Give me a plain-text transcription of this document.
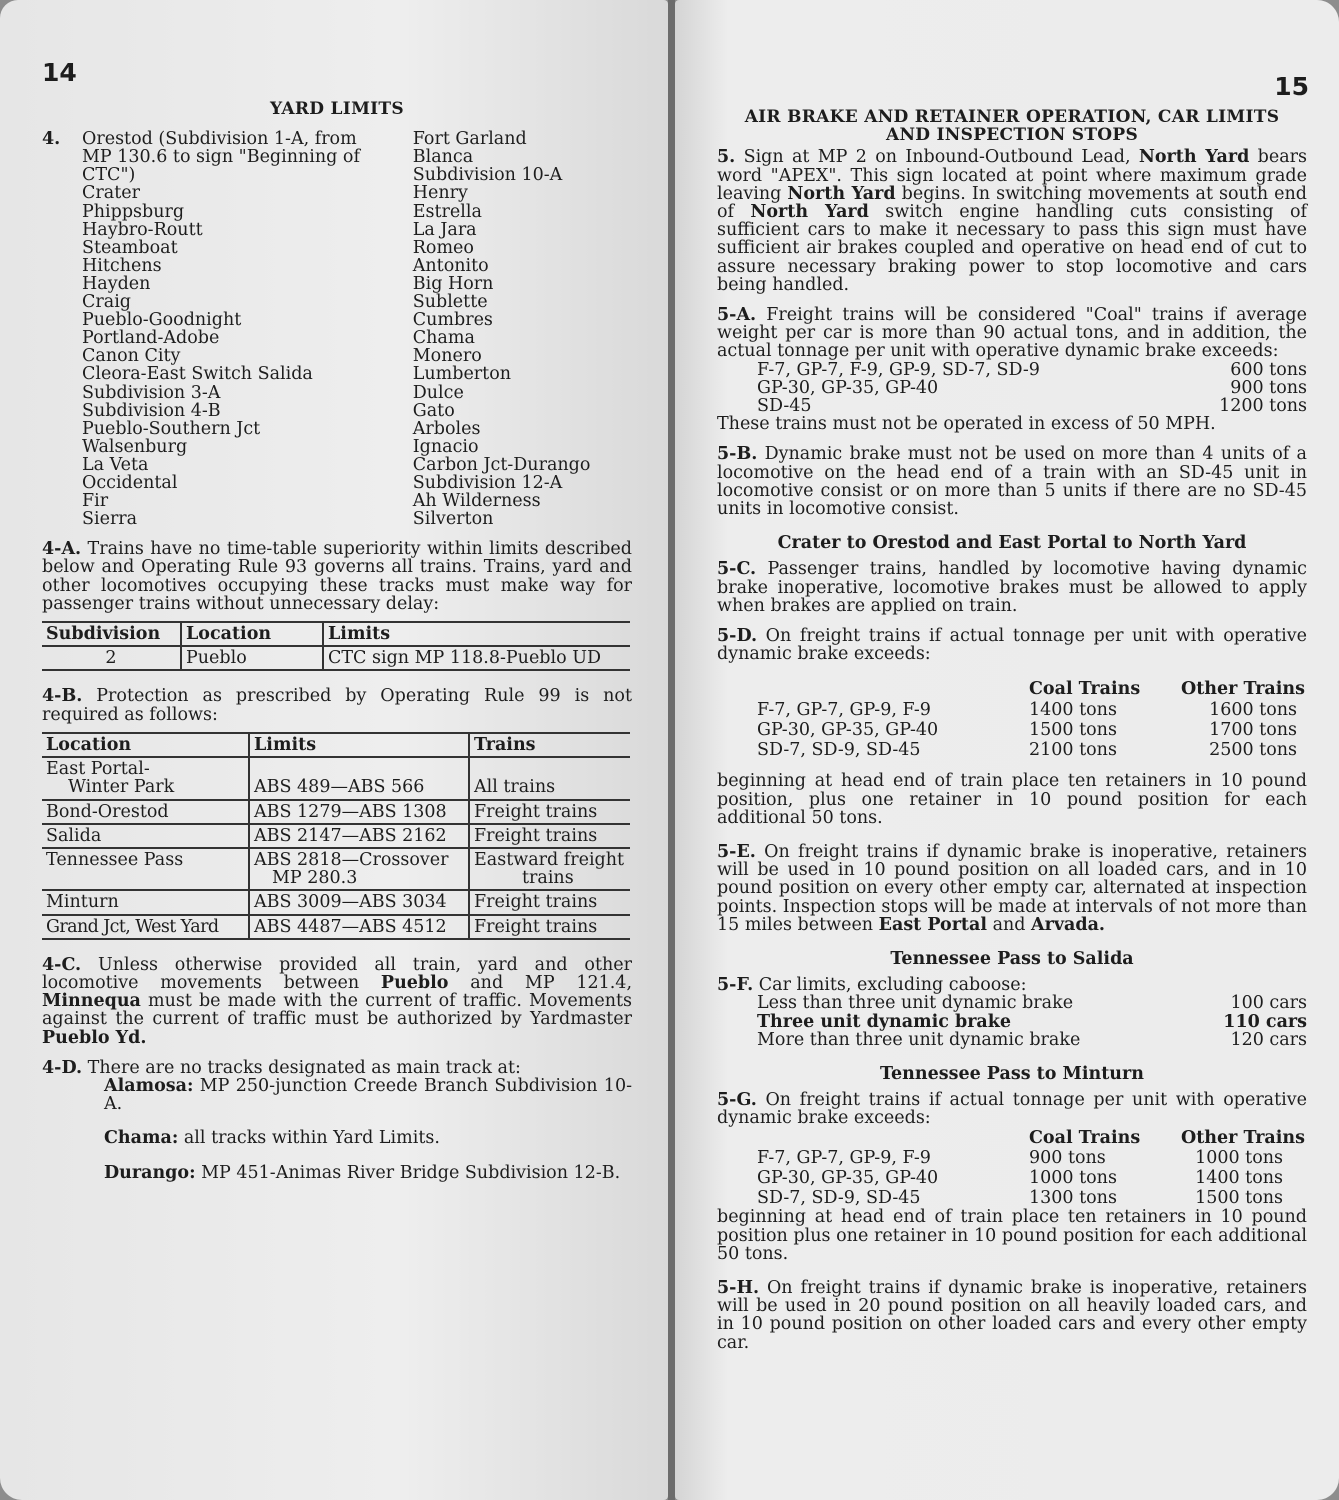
14
YARD LIMITS
4. Orestod (Subdivision 1-A, from
MP 130.6 to sign "Beginning of
CTC")
Crater
Phippsburg
Haybro-Routt
Steamboat
Hitchens
Hayden
Craig
Pueblo-Goodnight
Portland-Adobe
Canon City
Cleora-East Switch Salida
Subdivision 3-A
Subdivision 4-B
Pueblo-Southern Jct
Walsenburg
La Veta
Occidental
Fir
Sierra
Fort Garland
Blanca
Subdivision 10-A
Henry
Estrella
La Jara
Romeo
Antonito
Big Horn
Sublette
Cumbres
Chama
Monero
Lumberton
Dulce
Gato
Arboles
Ignacio
Carbon Jct-Durango
Subdivision 12-A
Ah Wilderness
Silverton

4-A. Trains have no time-table superiority within limits described below and Operating Rule 93 governs all trains. Trains, yard and other locomotives occupying these tracks must make way for passenger trains without unnecessary delay:

Subdivision	Location	Limits
2	Pueblo	CTC sign MP 118.8-Pueblo UD

4-B. Protection as prescribed by Operating Rule 99 is not required as follows:

Location	Limits	Trains
East Portal-
Winter Park	ABS 489—ABS 566	All trains
Bond-Orestod	ABS 1279—ABS 1308	Freight trains
Salida	ABS 2147—ABS 2162	Freight trains
Tennessee Pass	ABS 2818—Crossover
MP 280.3	Eastward freight
trains
Minturn	ABS 3009—ABS 3034	Freight trains
Grand Jct, West Yard	ABS 4487—ABS 4512	Freight trains

4-C. Unless otherwise provided all train, yard and other locomotive movements between Pueblo and MP 121.4, Minnequa must be made with the current of traffic. Movements against the current of traffic must be authorized by Yardmaster Pueblo Yd.

4-D. There are no tracks designated as main track at:

Alamosa: MP 250-junction Creede Branch Subdivision 10-A.

Chama: all tracks within Yard Limits.

Durango: MP 451-Animas River Bridge Subdivision 12-B.

15
AIR BRAKE AND RETAINER OPERATION, CAR LIMITS
AND INSPECTION STOPS

5. Sign at MP 2 on Inbound-Outbound Lead, North Yard bears word "APEX". This sign located at point where maximum grade leaving North Yard begins. In switching movements at south end of North Yard switch engine handling cuts consisting of sufficient cars to make it necessary to pass this sign must have sufficient air brakes coupled and operative on head end of cut to assure necessary braking power to stop locomotive and cars being handled.

5-A. Freight trains will be considered "Coal" trains if average weight per car is more than 90 actual tons, and in addition, the actual tonnage per unit with operative dynamic brake exceeds:

F-7, GP-7, F-9, GP-9, SD-7, SD-9	600 tons
GP-30, GP-35, GP-40	900 tons
SD-45	1200 tons

These trains must not be operated in excess of 50 MPH.

5-B. Dynamic brake must not be used on more than 4 units of a locomotive on the head end of a train with an SD-45 unit in locomotive consist or on more than 5 units if there are no SD-45 units in locomotive consist.

Crater to Orestod and East Portal to North Yard

5-C. Passenger trains, handled by locomotive having dynamic brake inoperative, locomotive brakes must be allowed to apply when brakes are applied on train.

5-D. On freight trains if actual tonnage per unit with operative dynamic brake exceeds:

	Coal Trains	Other Trains
F-7, GP-7, GP-9, F-9	1400 tons	1600 tons
GP-30, GP-35, GP-40	1500 tons	1700 tons
SD-7, SD-9, SD-45	2100 tons	2500 tons

beginning at head end of train place ten retainers in 10 pound position, plus one retainer in 10 pound position for each additional 50 tons.

5-E. On freight trains if dynamic brake is inoperative, retainers will be used in 10 pound position on all loaded cars, and in 10 pound position on every other empty car, alternated at inspection points. Inspection stops will be made at intervals of not more than 15 miles between East Portal and Arvada.

Tennessee Pass to Salida

5-F. Car limits, excluding caboose:

Less than three unit dynamic brake	100 cars
Three unit dynamic brake	110 cars
More than three unit dynamic brake	120 cars
Tennessee Pass to Minturn

5-G. On freight trains if actual tonnage per unit with operative dynamic brake exceeds:

	Coal Trains	Other Trains
F-7, GP-7, GP-9, F-9	900 tons	1000 tons
GP-30, GP-35, GP-40	1000 tons	1400 tons
SD-7, SD-9, SD-45	1300 tons	1500 tons

beginning at head end of train place ten retainers in 10 pound position plus one retainer in 10 pound position for each additional 50 tons.

5-H. On freight trains if dynamic brake is inoperative, retainers will be used in 20 pound position on all heavily loaded cars, and in 10 pound position on other loaded cars and every other empty car.
